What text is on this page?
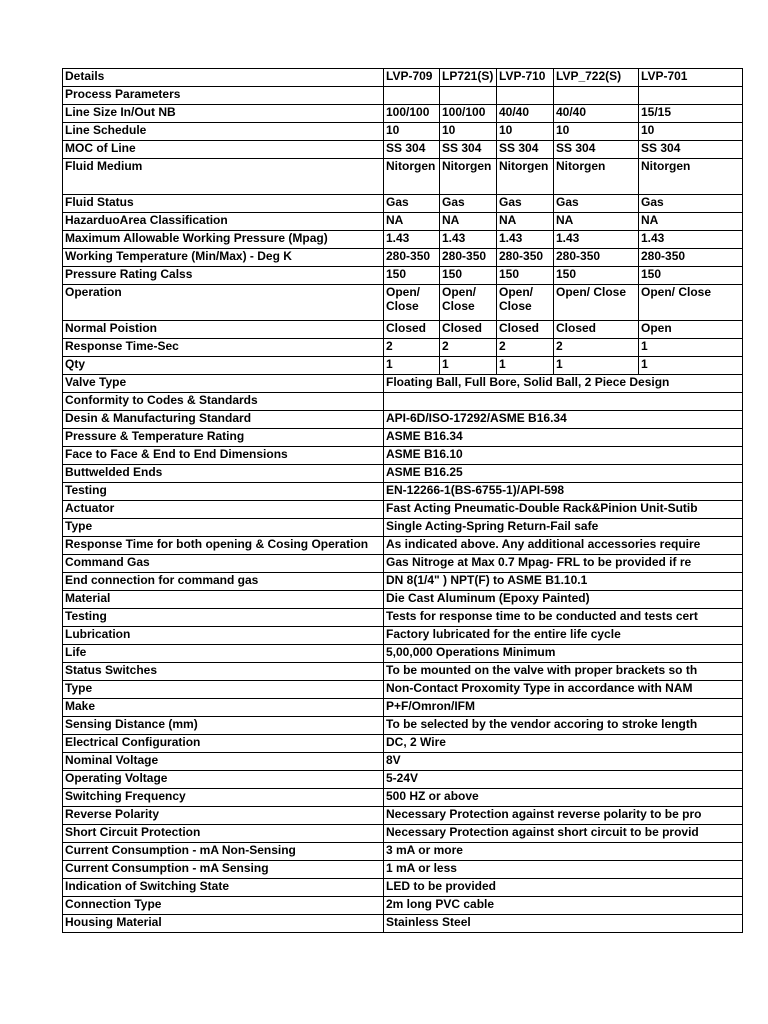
Details	LVP-709	LP721(S)	LVP-710	LVP_722(S)	LVP-701
Process Parameters					
Line Size In/Out NB	100/100	100/100	40/40	40/40	15/15
Line Schedule	10	10	10	10	10
MOC of Line	SS 304	SS 304	SS 304	SS 304	SS 304
Fluid Medium	Nitorgen	Nitorgen	Nitorgen	Nitorgen	Nitorgen
Fluid Status	Gas	Gas	Gas	Gas	Gas
HazarduoArea Classification	NA	NA	NA	NA	NA
Maximum Allowable Working Pressure (Mpag)	1.43	1.43	1.43	1.43	1.43
Working Temperature (Min/Max) - Deg K	280-350	280-350	280-350	280-350	280-350
Pressure Rating Calss	150	150	150	150	150
Operation	Open/ Close	Open/ Close	Open/ Close	Open/ Close	Open/ Close
Normal Poistion	Closed	Closed	Closed	Closed	Open
Response Time-Sec	2	2	2	2	1
Qty	1	1	1	1	1
Valve Type	Floating Ball, Full Bore, Solid Ball, 2 Piece Design				
Conformity to Codes & Standards					
Desin & Manufacturing Standard	API-6D/ISO-17292/ASME B16.34				
Pressure & Temperature Rating	ASME B16.34				
Face to Face & End to End Dimensions	ASME B16.10				
Buttwelded Ends	ASME B16.25				
Testing	EN-12266-1(BS-6755-1)/API-598				
Actuator	Fast Acting Pneumatic-Double Rack&Pinion Unit-Sutib				
Type	Single Acting-Spring Return-Fail safe				
Response Time for both opening & Cosing Operation	As indicated above. Any additional accessories require				
Command Gas	Gas Nitroge at Max 0.7 Mpag- FRL to be provided if re				
End connection for command gas	DN 8(1/4" ) NPT(F) to ASME B1.10.1				
Material	Die Cast Aluminum (Epoxy Painted)				
Testing	Tests for response time to be conducted and tests cert				
Lubrication	Factory lubricated for the entire life cycle				
Life	5,00,000 Operations Minimum				
Status Switches	To be mounted on the valve with proper brackets so th				
Type	Non-Contact Proxomity Type in accordance with NAM				
Make	P+F/Omron/IFM				
Sensing Distance (mm)	To be selected by the vendor accoring to stroke length				
Electrical Configuration	DC, 2 Wire				
Nominal Voltage	8V				
Operating Voltage	5-24V				
Switching Frequency	500 HZ or above				
Reverse Polarity	Necessary Protection against reverse polarity to be pro				
Short Circuit Protection	Necessary Protection against short circuit to be provid				
Current Consumption - mA Non-Sensing	3 mA or more				
Current Consumption - mA Sensing	1 mA or less				
Indication of Switching State	LED to be provided				
Connection Type	2m long PVC cable				
Housing Material	Stainless Steel				
